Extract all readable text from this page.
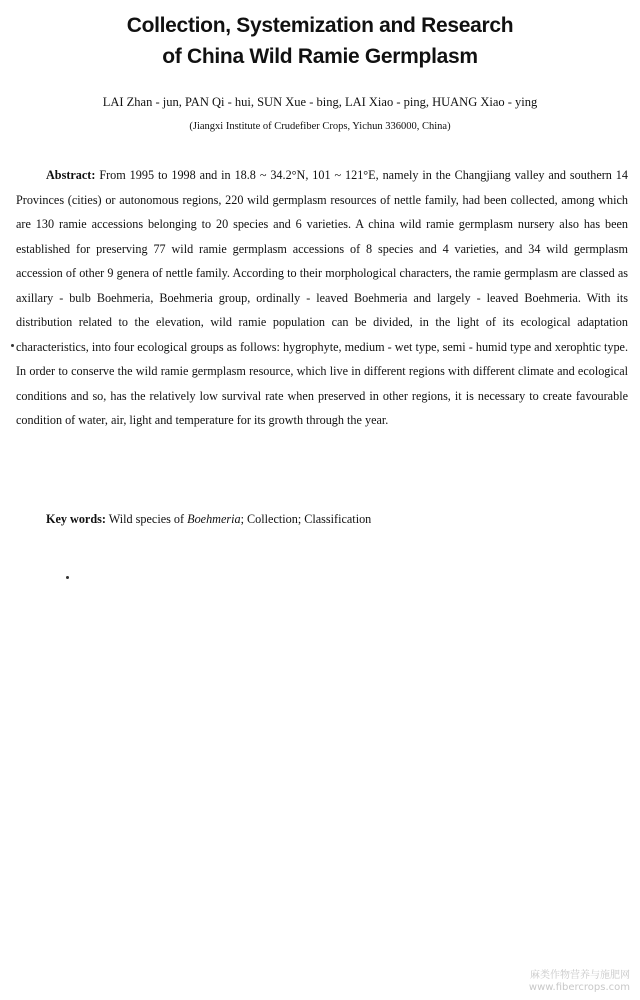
Collection, Systemization and Research
of China Wild Ramie Germplasm

LAI Zhan - jun, PAN Qi - hui, SUN Xue - bing, LAI Xiao - ping, HUANG Xiao - ying

(Jiangxi Institute of Crudefiber Crops, Yichun 336000, China)

Abstract: From 1995 to 1998 and in 18.8 ~ 34.2°N, 101 ~ 121°E, namely in the Changjiang valley and southern 14 Provinces (cities) or autonomous regions, 220 wild germplasm resources of nettle family, had been collected, among which are 130 ramie accessions belonging to 20 species and 6 varieties. A china wild ramie germplasm nursery also has been established for preserving 77 wild ramie germplasm accessions of 8 species and 4 varieties, and 34 wild germplasm accession of other 9 genera of nettle family. According to their morphological characters, the ramie germplasm are classed as axillary - bulb Boehmeria, Boehmeria group, ordinally - leaved Boehmeria and largely - leaved Boehmeria. With its distribution related to the elevation, wild ramie population can be divided, in the light of its ecological adaptation characteristics, into four ecological groups as follows: hygrophyte, medium - wet type, semi - humid type and xerophtic type. In order to conserve the wild ramie germplasm resource, which live in different regions with different climate and ecological conditions and so, has the relatively low survival rate when preserved in other regions, it is necessary to create favourable condition of water, air, light and temperature for its growth through the year.

Key words: Wild species of Boehmeria; Collection; Classification

麻类作物营养与施肥网
www.fibercrops.com
